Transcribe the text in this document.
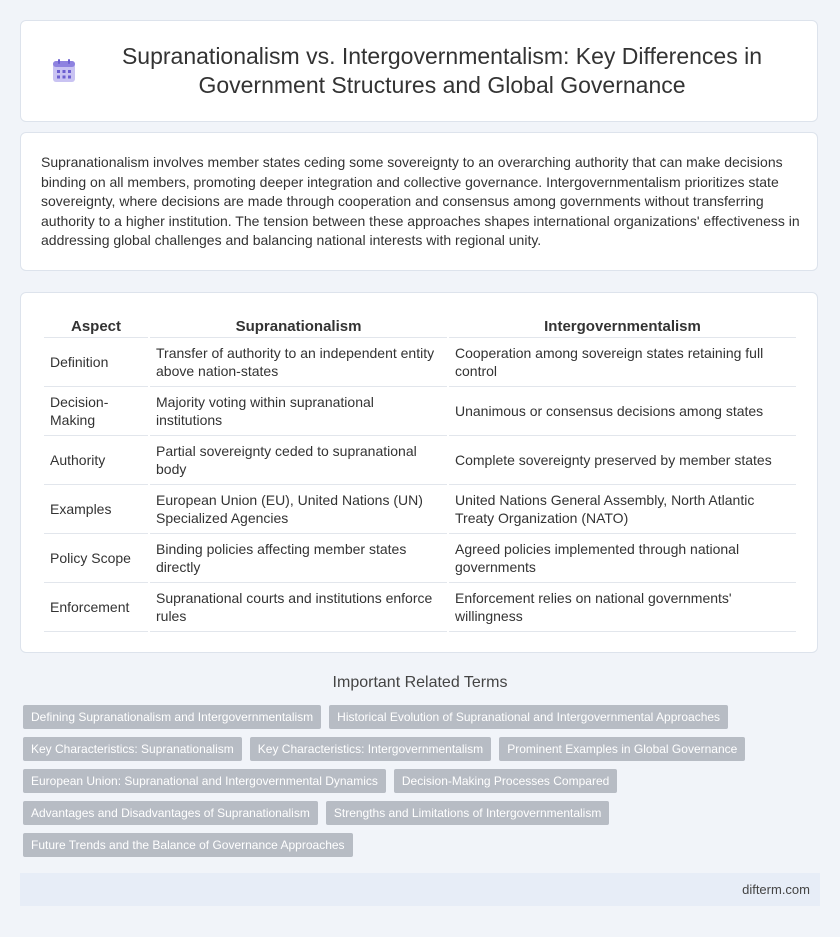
Supranationalism vs. Intergovernmentalism: Key Differences in Government Structures and Global Governance

Supranationalism involves member states ceding some sovereignty to an overarching authority that can make decisions binding on all members, promoting deeper integration and collective governance. Intergovernmentalism prioritizes state sovereignty, where decisions are made through cooperation and consensus among governments without transferring authority to a higher institution. The tension between these approaches shapes international organizations' effectiveness in addressing global challenges and balancing national interests with regional unity.

Aspect	Supranationalism	Intergovernmentalism
Definition	Transfer of authority to an independent entity above nation-states	Cooperation among sovereign states retaining full control
Decision-Making	Majority voting within supranational institutions	Unanimous or consensus decisions among states
Authority	Partial sovereignty ceded to supranational body	Complete sovereignty preserved by member states
Examples	European Union (EU), United Nations (UN) Specialized Agencies	United Nations General Assembly, North Atlantic Treaty Organization (NATO)
Policy Scope	Binding policies affecting member states directly	Agreed policies implemented through national governments
Enforcement	Supranational courts and institutions enforce rules	Enforcement relies on national governments' willingness
Important Related Terms
Defining Supranationalism and Intergovernmentalism	Historical Evolution of Supranational and Intergovernmental Approaches
Key Characteristics: Supranationalism	Key Characteristics: Intergovernmentalism	Prominent Examples in Global Governance
European Union: Supranational and Intergovernmental Dynamics	Decision-Making Processes Compared
Advantages and Disadvantages of Supranationalism	Strengths and Limitations of Intergovernmentalism
Future Trends and the Balance of Governance Approaches
difterm.com
